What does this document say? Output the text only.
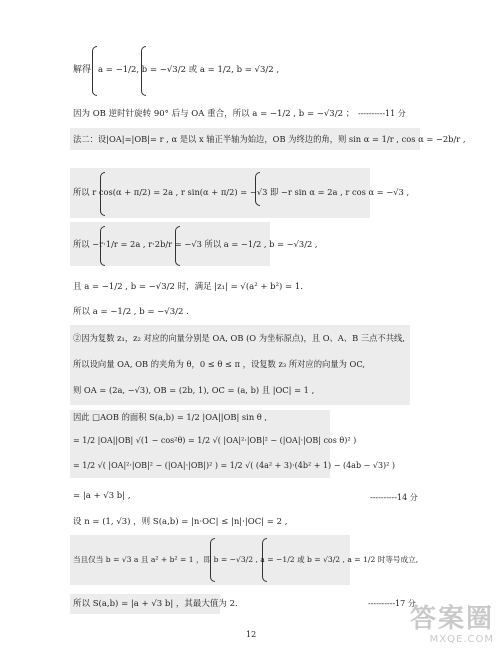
解得 a = −1/2, b = −√3/2 或 a = 1/2, b = √3/2 ,
因为 OB 逆时针旋转 90° 后与 OA 重合，所以 a = −1/2 , b = −√3/2 ； ----------11 分
法二：设|OA|=|OB|= r , α 是以 x 轴正半轴为始边，OB 为终边的角，则 sin α = 1/r , cos α = −2b/r ,
所以 r cos(α + π/2) = 2a , r sin(α + π/2) = −√3 即 −r sin α = 2a , r cos α = −√3 ,
所以 −r·1/r = 2a , r·2b/r = −√3 所以 a = −1/2 , b = −√3/2 ,
且 a = −1/2 , b = −√3/2 时，满足 |z₁| = √(a² + b²) = 1.
所以 a = −1/2 , b = −√3/2 .
②因为复数 z₁，z₂ 对应的向量分别是 OA, OB (O 为坐标原点)，且 O、A、B 三点不共线,
所以设向量 OA, OB 的夹角为 θ，0 ≤ θ ≤ π ，设复数 z₃ 所对应的向量为 OC,
则 OA = (2a, −√3), OB = (2b, 1), OC = (a, b) 且 |OC| = 1 ,
因此 □AOB 的面积 S(a,b) = 1/2 |OA||OB| sin θ ,
= 1/2 |OA||OB| √(1 − cos²θ) = 1/2 √( |OA|²·|OB|² − (|OA|·|OB| cos θ)² )
= 1/2 √( |OA|²·|OB|² − (|OA|·|OB|)² ) = 1/2 √( (4a² + 3)·(4b² + 1) − (4ab − √3)² )
= |a + √3 b| ,	----------14 分
设 n = (1, √3) ，则 S(a,b) = |n·OC| ≤ |n|·|OC| = 2 ,
当且仅当 b = √3 a 且 a² + b² = 1 ，即 b = −√3/2 , a = −1/2 或 b = √3/2 , a = 1/2 时等号成立,
所以 S(a,b) = |a + √3 b| ，其最大值为 2.	----------17 分
12
答案圈
MXQE.COM
